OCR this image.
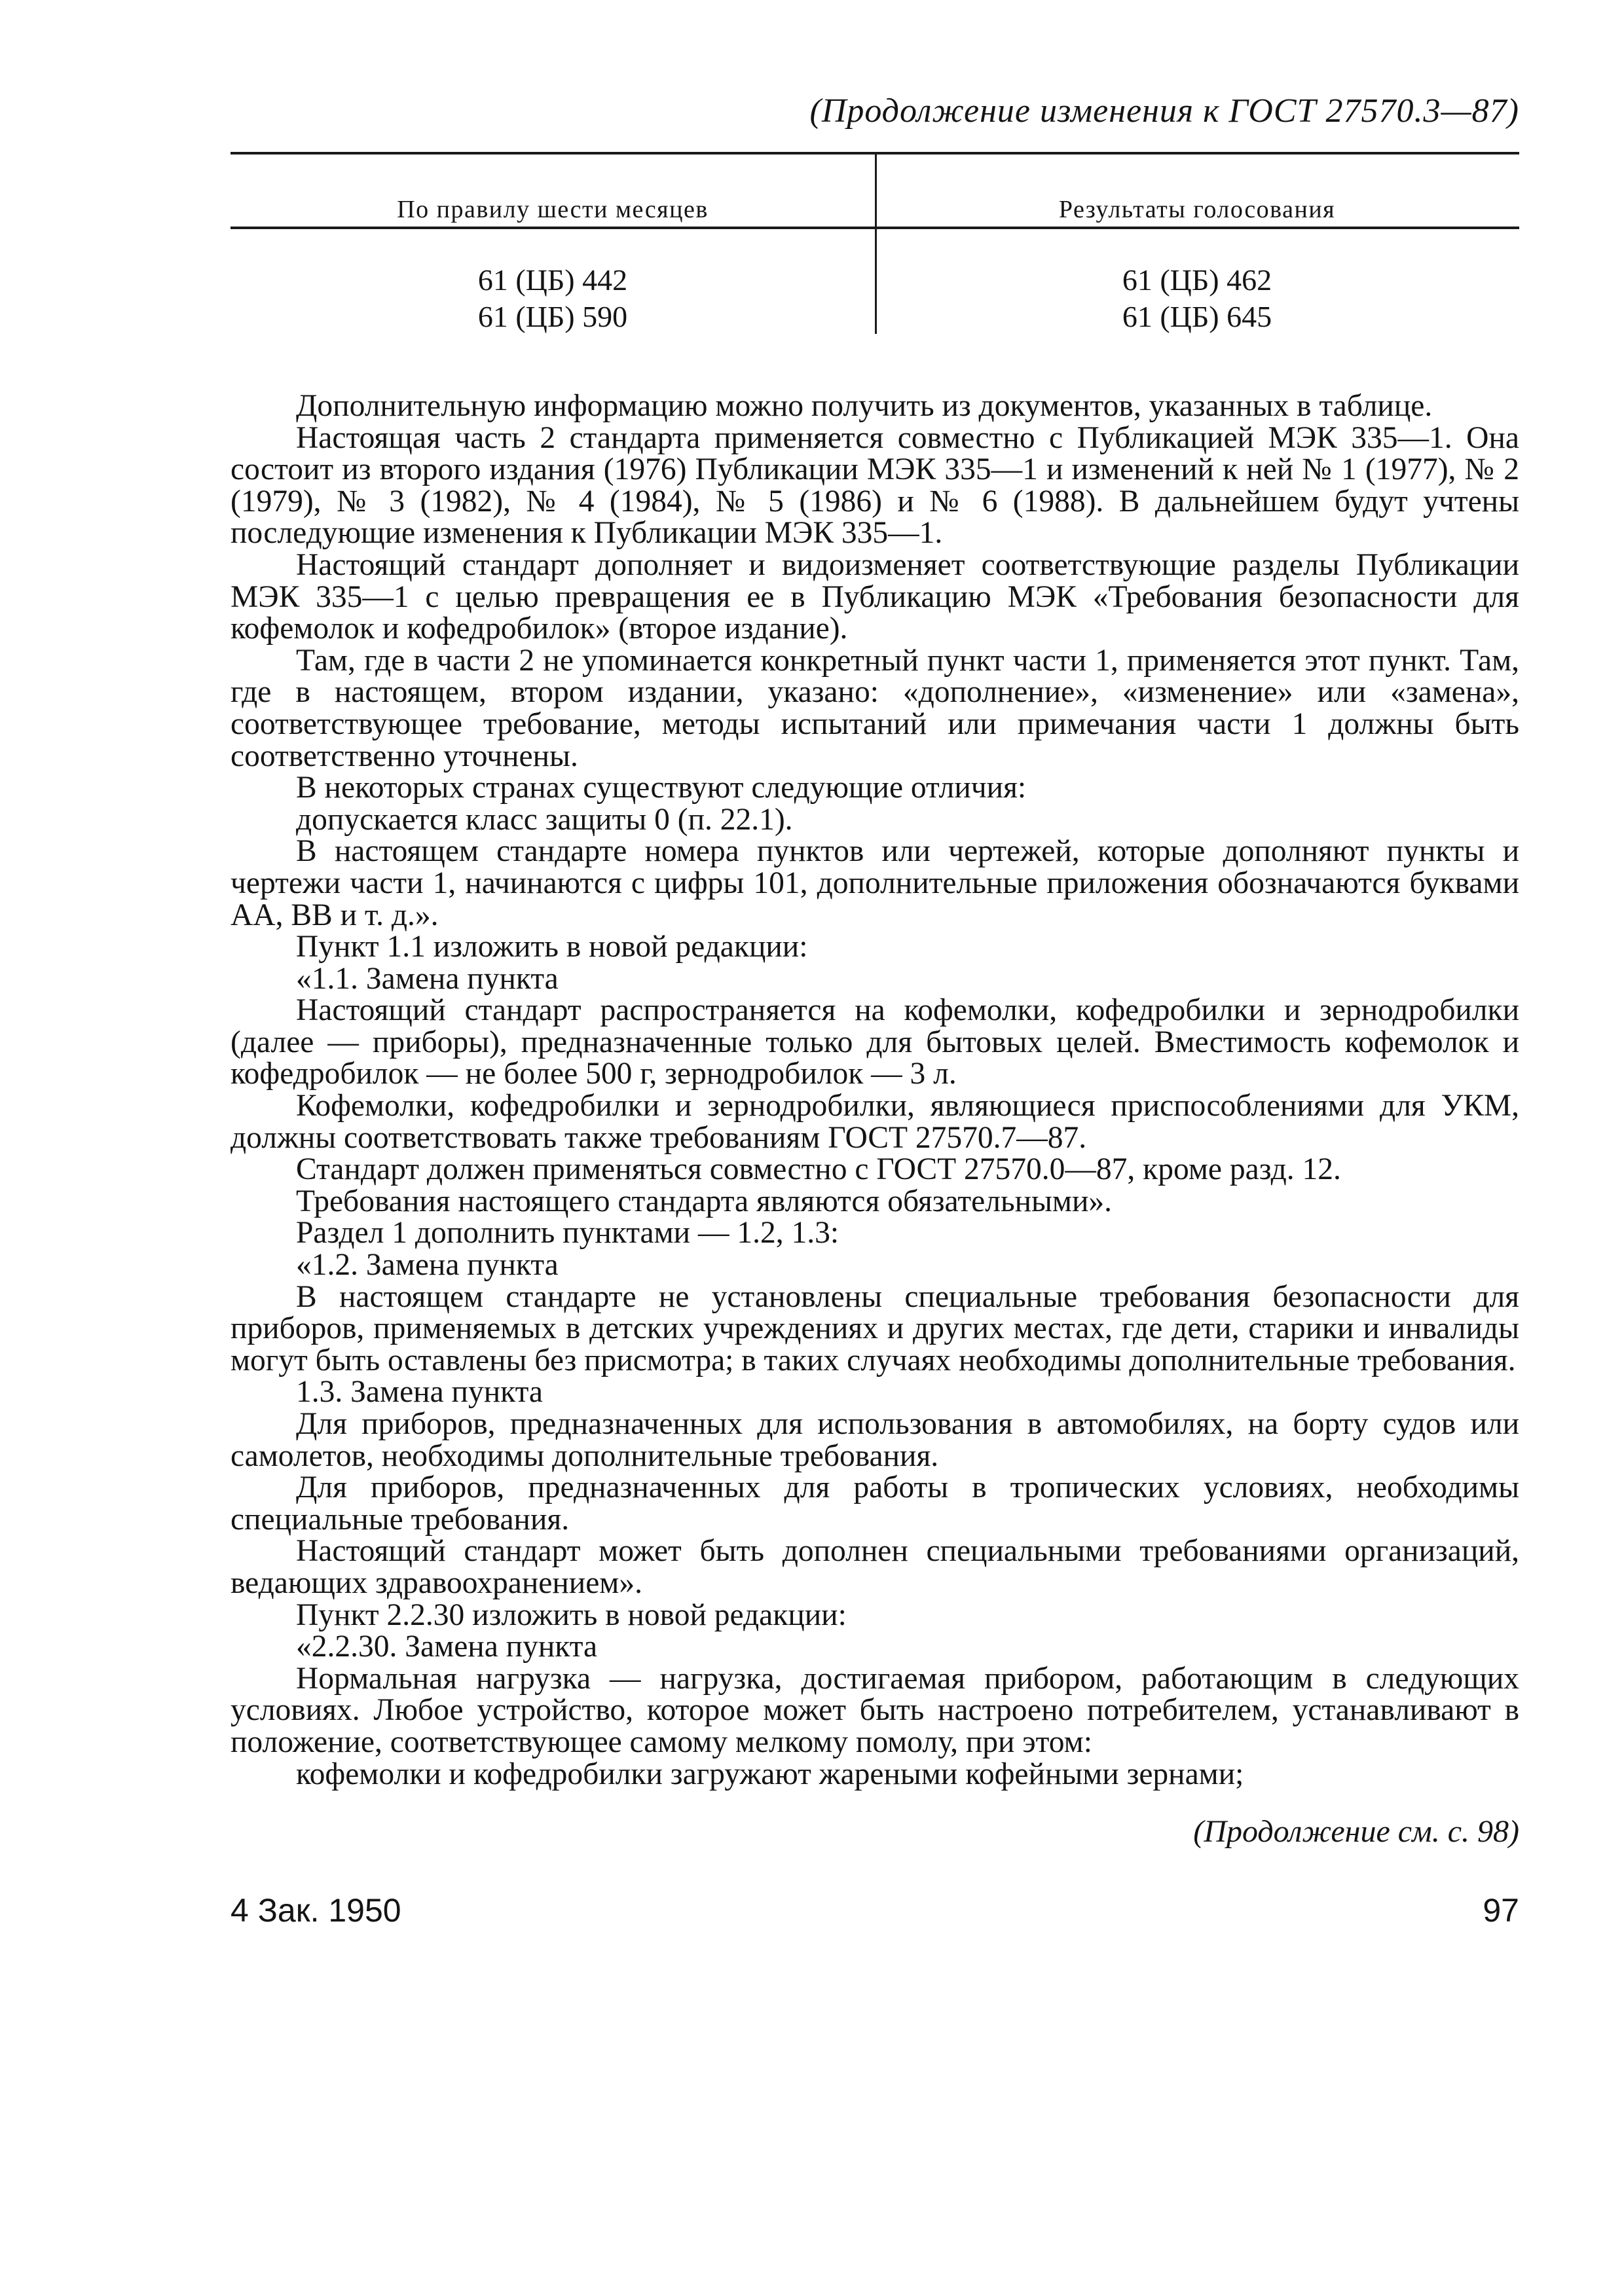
(Продолжение изменения к ГОСТ 27570.3—87)
По правилу шести месяцев	Результаты голосования
61 (ЦБ) 442
61 (ЦБ) 590
61 (ЦБ) 462
61 (ЦБ) 645

Дополнительную информацию можно получить из документов, указанных в таблице.

Настоящая часть 2 стандарта применяется совместно с Публикацией МЭК 335—1. Она состоит из второго издания (1976) Публикации МЭК 335—1 и изменений к ней № 1 (1977), № 2 (1979), № 3 (1982), № 4 (1984), № 5 (1986) и № 6 (1988). В дальнейшем будут учтены последующие изменения к Публикации МЭК 335—1.

Настоящий стандарт дополняет и видоизменяет соответствующие разделы Публикации МЭК 335—1 с целью превращения ее в Публикацию МЭК «Требования безопасности для кофемолок и кофедробилок» (второе издание).

Там, где в части 2 не упоминается конкретный пункт части 1, применяется этот пункт. Там, где в настоящем, втором издании, указано: «дополнение», «изменение» или «замена», соответствующее требование, методы испытаний или примечания части 1 должны быть соответственно уточнены.

В некоторых странах существуют следующие отличия:

допускается класс защиты 0 (п. 22.1).

В настоящем стандарте номера пунктов или чертежей, которые дополняют пункты и чертежи части 1, начинаются с цифры 101, дополнительные приложения обозначаются буквами АА, ВВ и т. д.».

Пункт 1.1 изложить в новой редакции:

«1.1. Замена пункта

Настоящий стандарт распространяется на кофемолки, кофедробилки и зернодробилки (далее — приборы), предназначенные только для бытовых целей. Вместимость кофемолок и кофедробилок — не более 500 г, зернодробилок — 3 л.

Кофемолки, кофедробилки и зернодробилки, являющиеся приспособлениями для УКМ, должны соответствовать также требованиям ГОСТ 27570.7—87.

Стандарт должен применяться совместно с ГОСТ 27570.0—87, кроме разд. 12.

Требования настоящего стандарта являются обязательными».

Раздел 1 дополнить пунктами — 1.2, 1.3:

«1.2. Замена пункта

В настоящем стандарте не установлены специальные требования безопасности для приборов, применяемых в детских учреждениях и других местах, где дети, старики и инвалиды могут быть оставлены без присмотра; в таких случаях необходимы дополнительные требования.

1.3. Замена пункта

Для приборов, предназначенных для использования в автомобилях, на борту судов или самолетов, необходимы дополнительные требования.

Для приборов, предназначенных для работы в тропических условиях, необходимы специальные требования.

Настоящий стандарт может быть дополнен специальными требованиями организаций, ведающих здравоохранением».

Пункт 2.2.30 изложить в новой редакции:

«2.2.30. Замена пункта

Нормальная нагрузка — нагрузка, достигаемая прибором, работающим в следующих условиях. Любое устройство, которое может быть настроено потребителем, устанавливают в положение, соответствующее самому мелкому помолу, при этом:

кофемолки и кофедробилки загружают жареными кофейными зернами;

(Продолжение см. с. 98)
4 Зак. 1950	97
